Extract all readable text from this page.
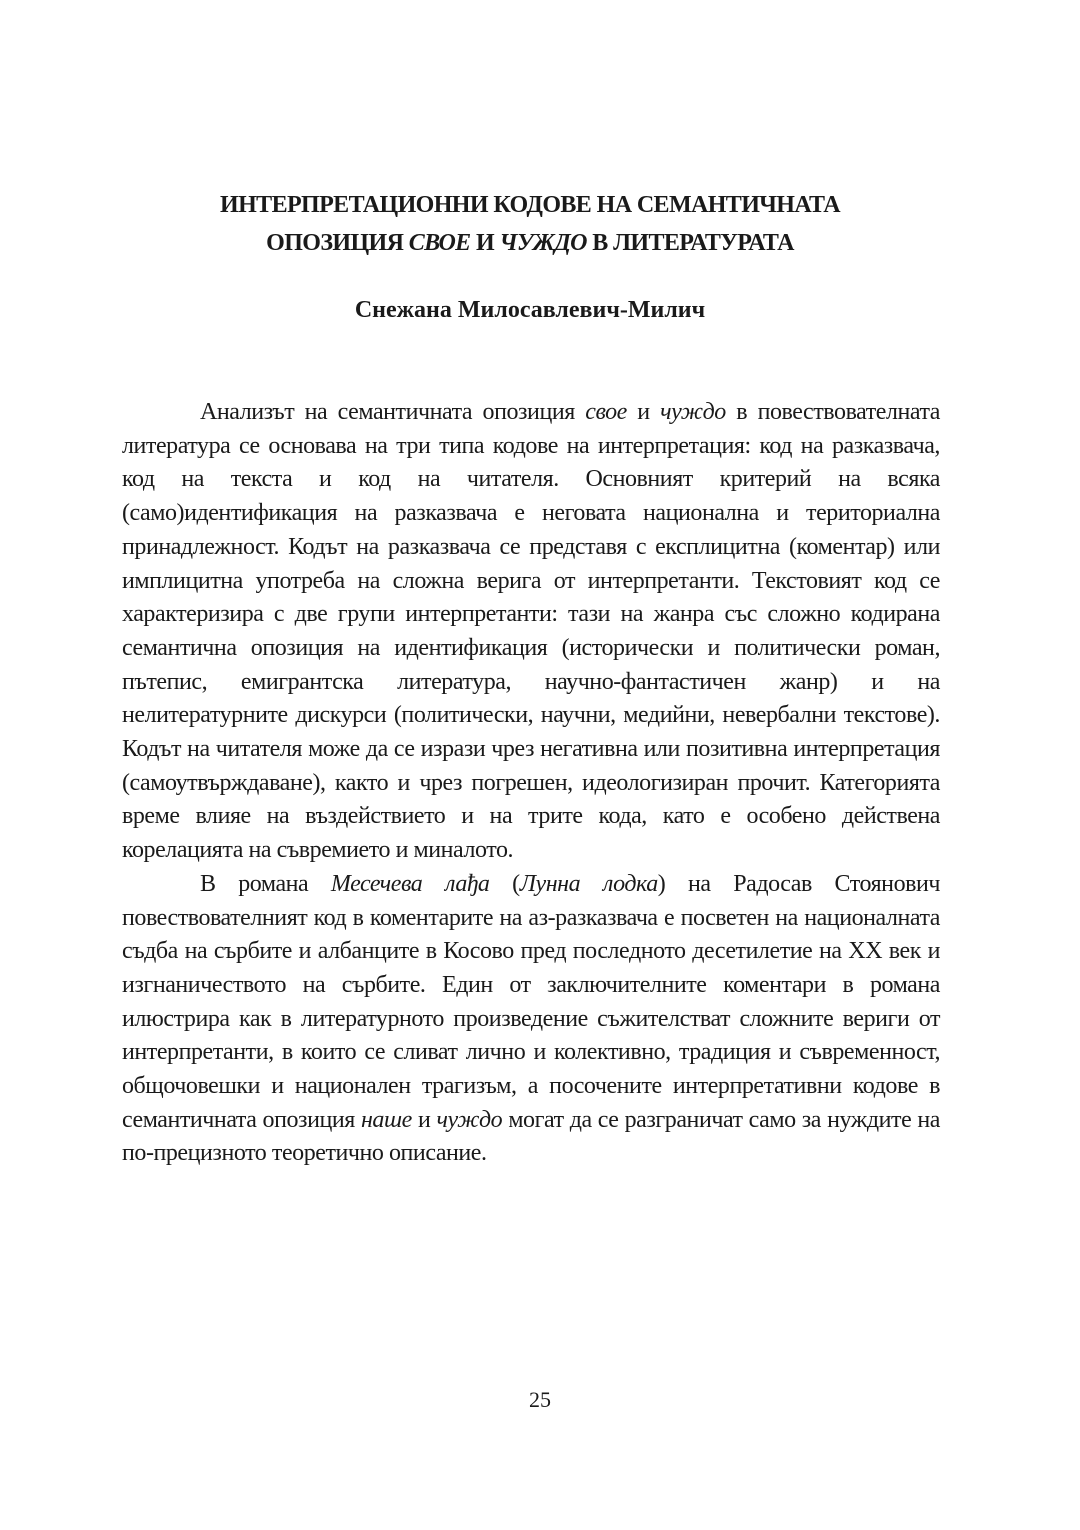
ИНТЕРПРЕТАЦИОННИ КОДОВЕ НА СЕМАНТИЧНАТА
ОПОЗИЦИЯ СВОЕ И ЧУЖДО В ЛИТЕРАТУРАТА
Снежана Милосавлевич-Милич

Анализът на семантичната опозиция свое и чуждо в повествователната литература се основава на три типа кодове на интерпретация: код на разказвача, код на текста и код на читателя. Основният критерий на всяка (само)идентификация на разказвача е неговата национална и териториална принадлежност. Кодът на разказвача се представя с експлицитна (коментар) или имплицитна употреба на сложна верига от интерпретанти. Текстовият код се характеризира с две групи интерпретанти: тази на жанра със сложно кодирана семантична опозиция на идентификация (исторически и политически роман, пътепис, емигрантска литература, научно-фантастичен жанр) и на нелитературните дискурси (политически, научни, медийни, невербални текстове). Кодът на читателя може да се изрази чрез негативна или позитивна интерпретация (самоутвърждаване), както и чрез погрешен, идеологизиран прочит. Категорията време влияе на въздействието и на трите кода, като е особено действена корелацията на съвремието и миналото.

В романа Месечева лађа (Лунна лодка) на Радосав Стоянович повествователният код в коментарите на аз-разказвача е посветен на националната съдба на сърбите и албанците в Косово пред последното десетилетие на XX век и изгнаничеството на сърбите. Един от заключителните коментари в романа илюстрира как в литературното произведение съжителстват сложните вериги от интерпретанти, в които се сливат лично и колективно, традиция и съвременност, общочовешки и национален трагизъм, а посочените интерпретативни кодове в семантичната опозиция наше и чуждо могат да се разграничат само за нуждите на по-прецизното теоретично описание.

25
